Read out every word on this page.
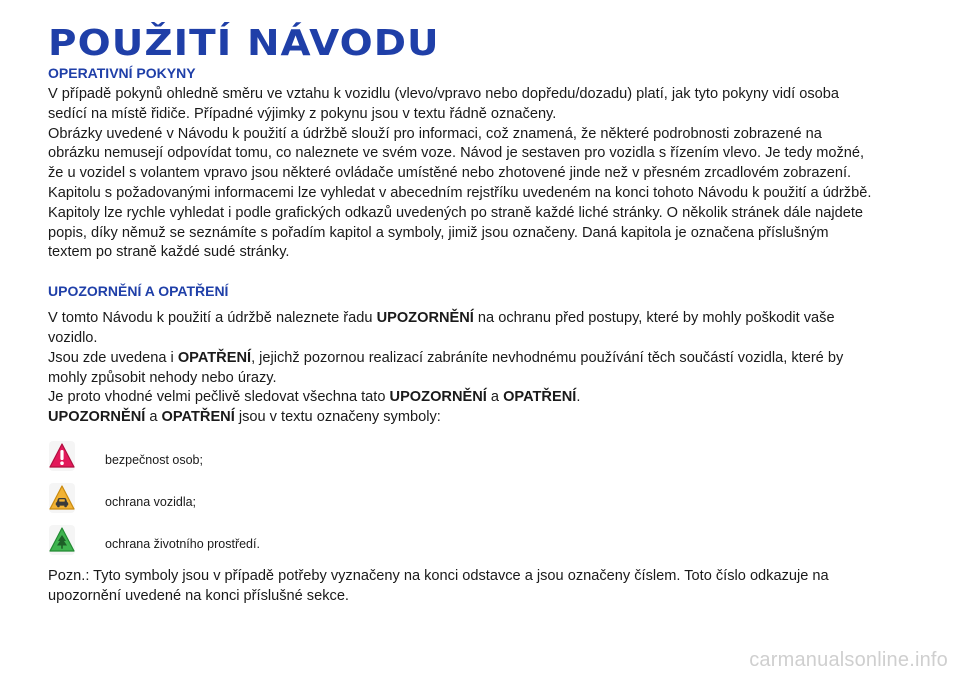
POUŽITÍ NÁVODU
OPERATIVNÍ POKYNY

V případě pokynů ohledně směru ve vztahu k vozidlu (vlevo/vpravo nebo dopředu/dozadu) platí, jak tyto pokyny vidí osoba
sedící na místě řidiče. Případné výjimky z pokynu jsou v textu řádně označeny.
Obrázky uvedené v Návodu k použití a údržbě slouží pro informaci, což znamená, že některé podrobnosti zobrazené na
obrázku nemusejí odpovídat tomu, co naleznete ve svém voze. Návod je sestaven pro vozidla s řízením vlevo. Je tedy možné,
že u vozidel s volantem vpravo jsou některé ovládače umístěné nebo zhotovené jinde než v přesném zrcadlovém zobrazení.
Kapitolu s požadovanými informacemi lze vyhledat v abecedním rejstříku uvedeném na konci tohoto Návodu k použití a údržbě.
Kapitoly lze rychle vyhledat i podle grafických odkazů uvedených po straně každé liché stránky. O několik stránek dále najdete
popis, díky němuž se seznámíte s pořadím kapitol a symboly, jimiž jsou označeny. Daná kapitola je označena příslušným
textem po straně každé sudé stránky.

UPOZORNĚNÍ A OPATŘENÍ

V tomto Návodu k použití a údržbě naleznete řadu UPOZORNĚNÍ na ochranu před postupy, které by mohly poškodit vaše
vozidlo.
Jsou zde uvedena i OPATŘENÍ, jejichž pozornou realizací zabráníte nevhodnému používání těch součástí vozidla, které by
mohly způsobit nehody nebo úrazy.
Je proto vhodné velmi pečlivě sledovat všechna tato UPOZORNĚNÍ a OPATŘENÍ.
UPOZORNĚNÍ a OPATŘENÍ jsou v textu označeny symboly:

bezpečnost osob;
ochrana vozidla;
ochrana životního prostředí.

Pozn.: Tyto symboly jsou v případě potřeby vyznačeny na konci odstavce a jsou označeny číslem. Toto číslo odkazuje na
upozornění uvedené na konci příslušné sekce.

carmanualsonline.info
